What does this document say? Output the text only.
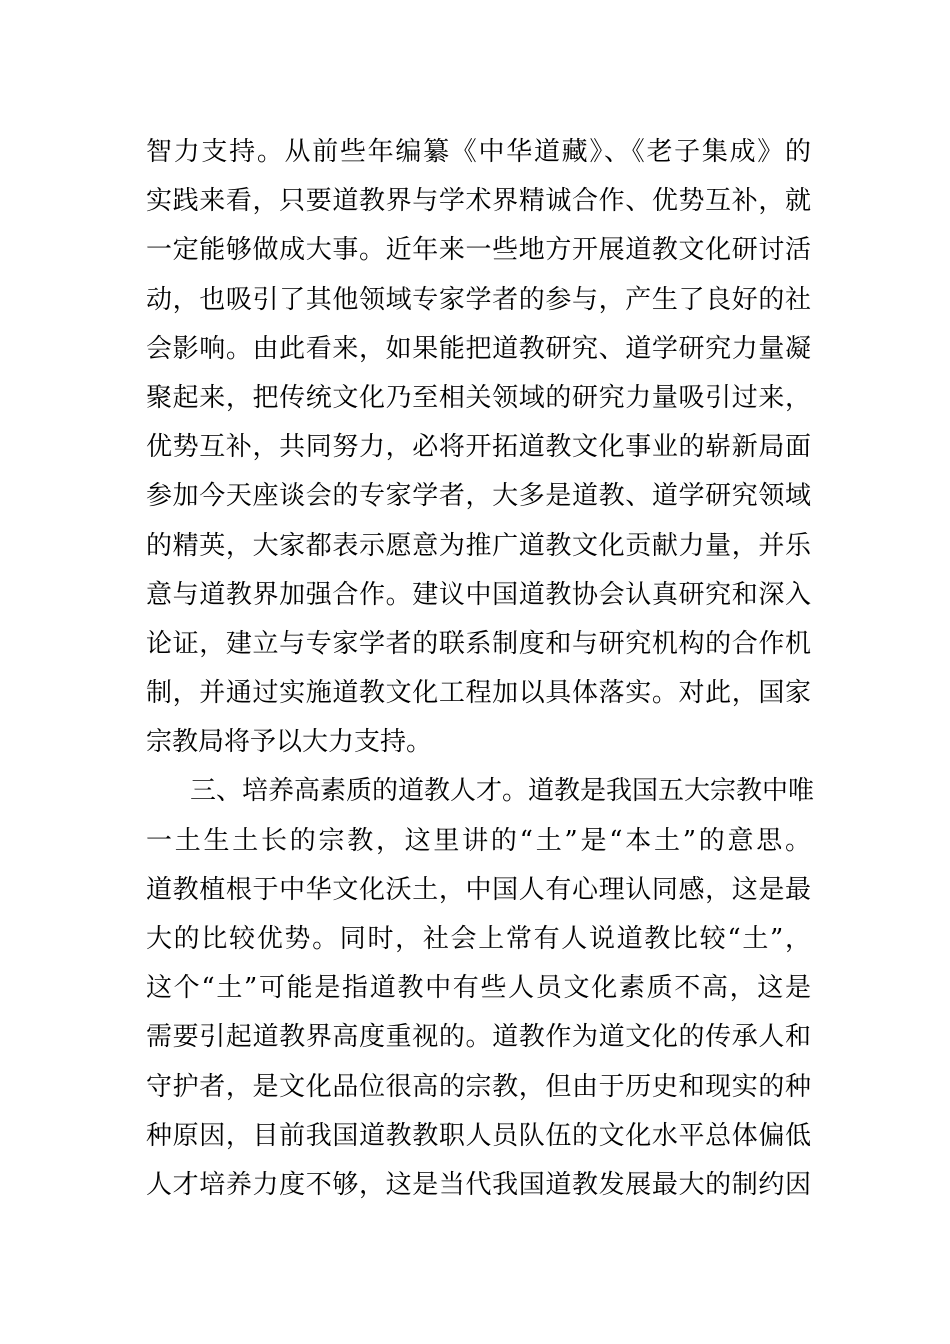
智力支持。从前些年编纂《中华道藏》、《老子集成》的
实践来看，只要道教界与学术界精诚合作、优势互补，就
一定能够做成大事。近年来一些地方开展道教文化研讨活
动，也吸引了其他领域专家学者的参与，产生了良好的社
会影响。由此看来，如果能把道教研究、道学研究力量凝
聚起来，把传统文化乃至相关领域的研究力量吸引过来，
优势互补，共同努力，必将开拓道教文化事业的崭新局面
参加今天座谈会的专家学者，大多是道教、道学研究领域
的精英，大家都表示愿意为推广道教文化贡献力量，并乐
意与道教界加强合作。建议中国道教协会认真研究和深入
论证，建立与专家学者的联系制度和与研究机构的合作机
制，并通过实施道教文化工程加以具体落实。对此，国家
宗教局将予以大力支持。
三、培养高素质的道教人才。道教是我国五大宗教中唯
一土生土长的宗教，这里讲的“土”是“本土”的意思。
道教植根于中华文化沃土，中国人有心理认同感，这是最
大的比较优势。同时，社会上常有人说道教比较“土”，
这个“土”可能是指道教中有些人员文化素质不高，这是
需要引起道教界高度重视的。道教作为道文化的传承人和
守护者，是文化品位很高的宗教，但由于历史和现实的种
种原因，目前我国道教教职人员队伍的文化水平总体偏低
人才培养力度不够，这是当代我国道教发展最大的制约因
